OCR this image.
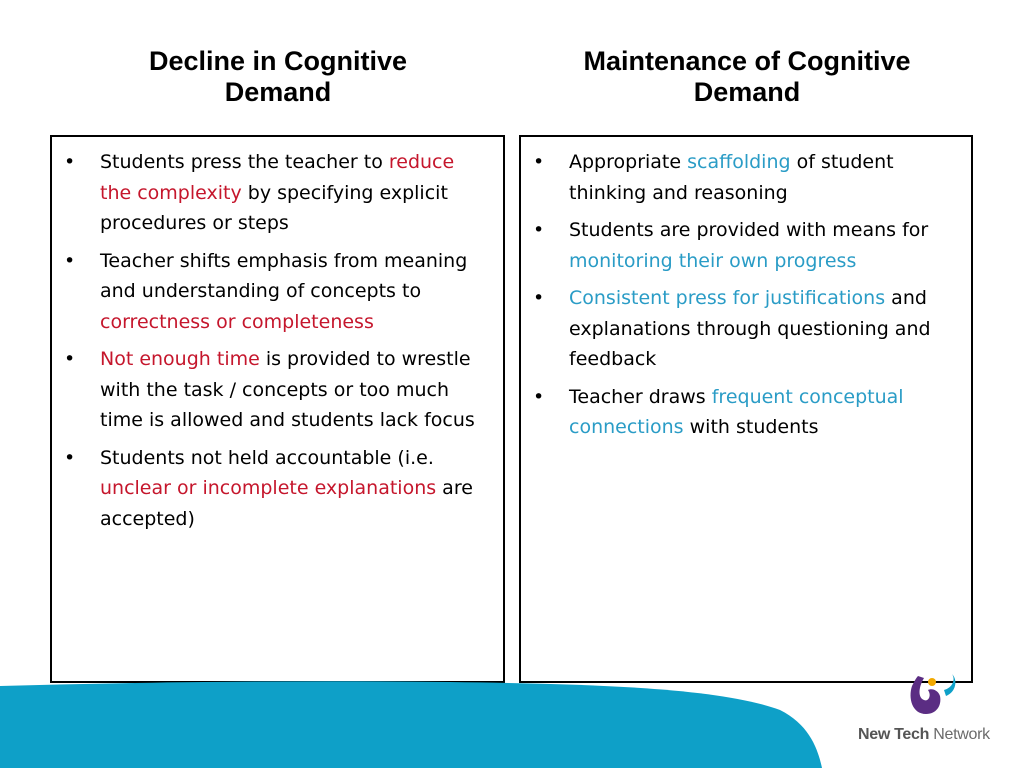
Decline in Cognitive
Demand
Maintenance of Cognitive
Demand
• Students press the teacher to reduce the complexity by specifying explicit procedures or steps
• Teacher shifts emphasis from meaning and understanding of concepts to correctness or completeness
• Not enough time is provided to wrestle with the task / concepts or too much time is allowed and students lack focus
• Students not held accountable (i.e. unclear or incomplete explanations are accepted)
• Appropriate scaffolding of student thinking and reasoning
• Students are provided with means for monitoring their own progress
• Consistent press for justifications and explanations through questioning and feedback
• Teacher draws frequent conceptual connections with students
New Tech Network
